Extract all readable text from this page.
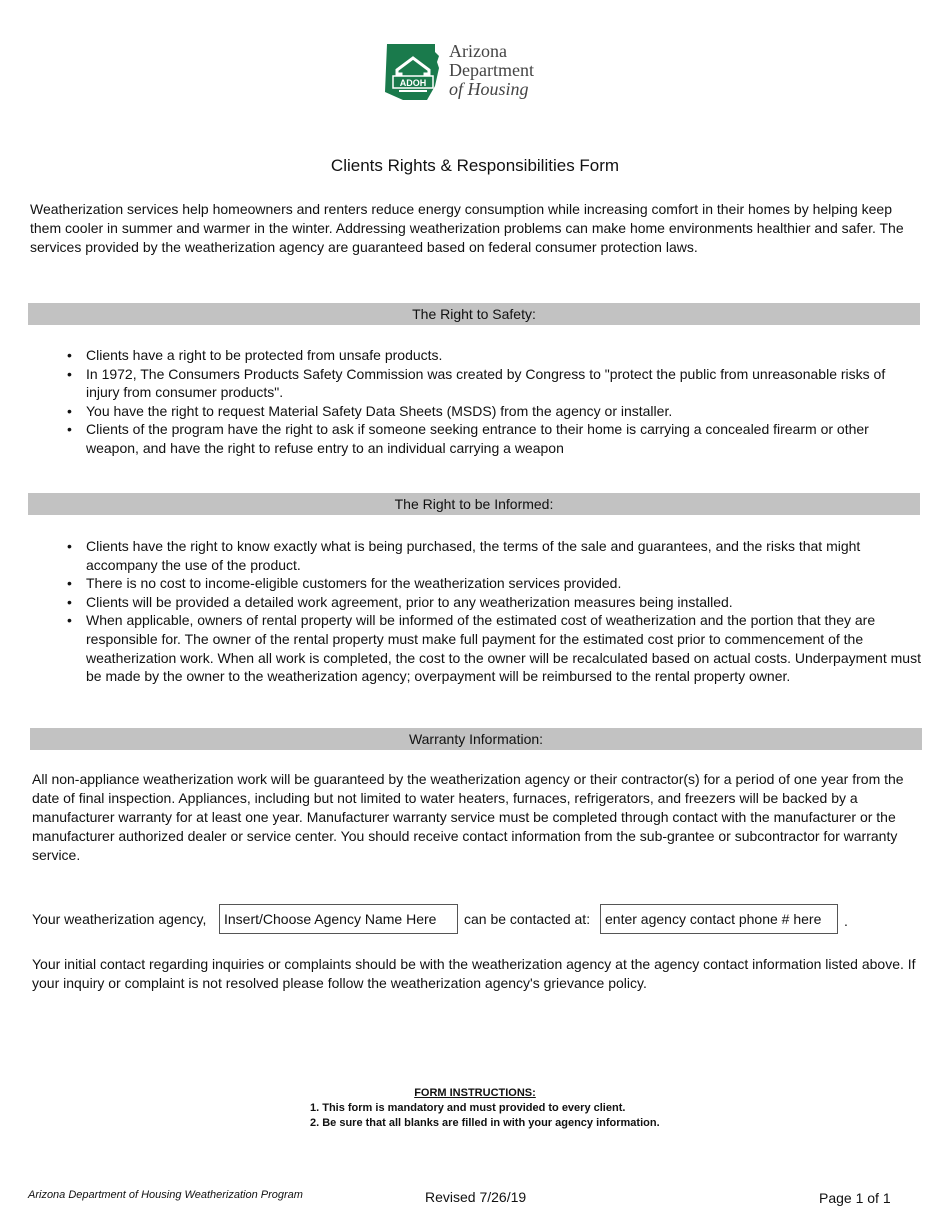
ADOH
Arizona
Department
of Housing
Clients Rights & Responsibilities Form

Weatherization services help homeowners and renters reduce energy consumption while increasing comfort in their homes by helping keep them cooler in summer and warmer in the winter. Addressing weatherization problems can make home environments healthier and safer. The services provided by the weatherization agency are guaranteed based on federal consumer protection laws.

The Right to Safety:
• Clients have a right to be protected from unsafe products.
• In 1972, The Consumers Products Safety Commission was created by Congress to "protect the public from unreasonable risks of injury from consumer products".
• You have the right to request Material Safety Data Sheets (MSDS) from the agency or installer.
• Clients of the program have the right to ask if someone seeking entrance to their home is carrying a concealed firearm or other weapon, and have the right to refuse entry to an individual carrying a weapon
The Right to be Informed:
• Clients have the right to know exactly what is being purchased, the terms of the sale and guarantees, and the risks that might accompany the use of the product.
• There is no cost to income-eligible customers for the weatherization services provided.
• Clients will be provided a detailed work agreement, prior to any weatherization measures being installed.
• When applicable, owners of rental property will be informed of the estimated cost of weatherization and the portion that they are responsible for. The owner of the rental property must make full payment for the estimated cost prior to commencement of the weatherization work. When all work is completed, the cost to the owner will be recalculated based on actual costs. Underpayment must be made by the owner to the weatherization agency; overpayment will be reimbursed to the rental property owner.
Warranty Information:

All non-appliance weatherization work will be guaranteed by the weatherization agency or their contractor(s) for a period of one year from the date of final inspection. Appliances, including but not limited to water heaters, furnaces, refrigerators, and freezers will be backed by a manufacturer warranty for at least one year. Manufacturer warranty service must be completed through contact with the manufacturer or the manufacturer authorized dealer or service center. You should receive contact information from the sub-grantee or subcontractor for warranty service.

Your weatherization agency,	Insert/Choose Agency Name Here	can be contacted at:	enter agency contact phone # here	.

Your initial contact regarding inquiries or complaints should be with the weatherization agency at the agency contact information listed above. If your inquiry or complaint is not resolved please follow the weatherization agency's grievance policy.

FORM INSTRUCTIONS:
1. This form is mandatory and must provided to every client.
2. Be sure that all blanks are filled in with your agency information.
Arizona Department of Housing Weatherization Program	Revised 7/26/19	Page 1 of 1
